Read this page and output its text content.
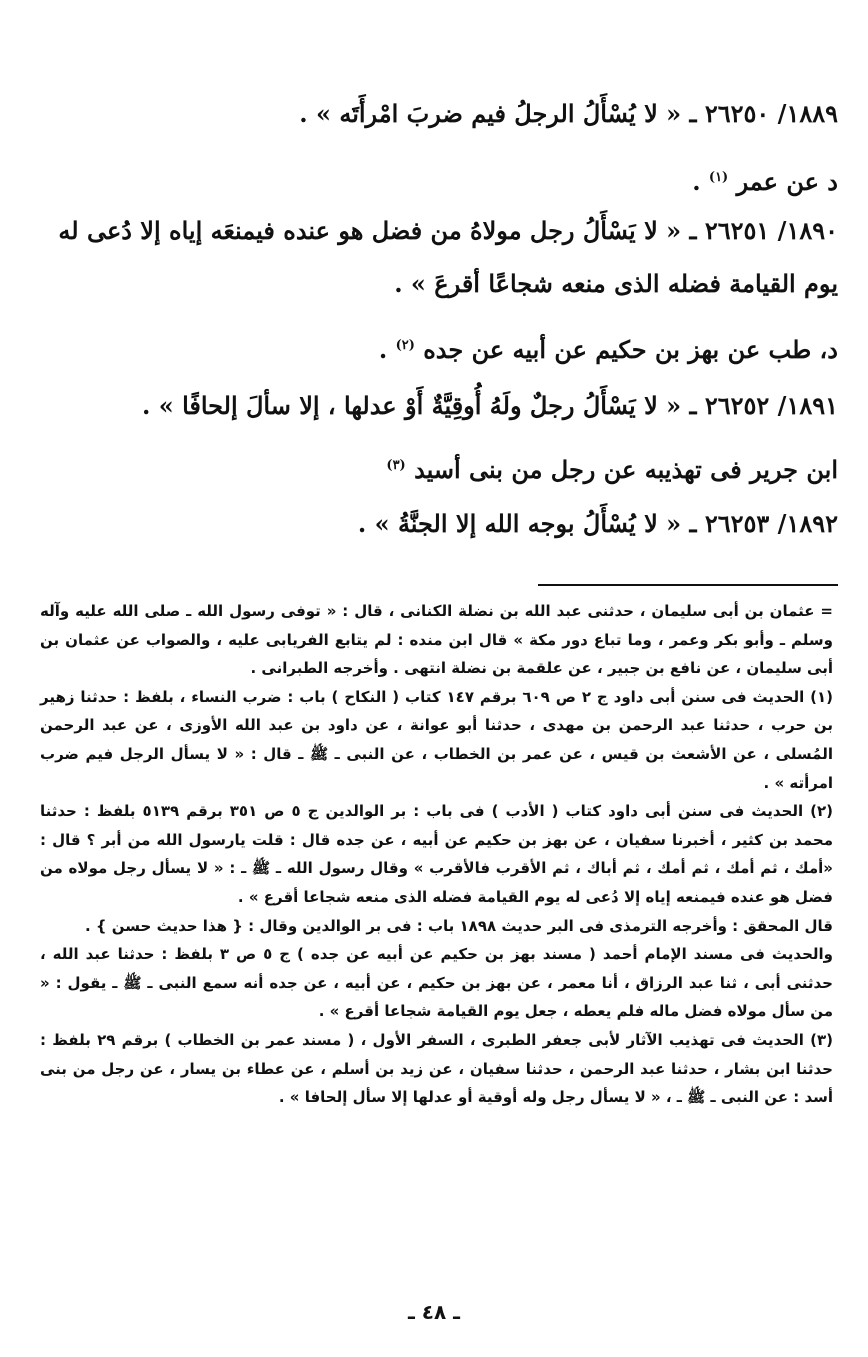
١٨٨٩/ ٢٦٢٥٠ ـ « لا يُسْأَلُ الرجلُ فيم ضربَ امْرأَتَه » .
د عن عمر $^{(١)}$ .
١٨٩٠/ ٢٦٢٥١ ـ « لا يَسْأَلُ رجل مولاهُ من فضل هو عنده فيمنعَه إياه إلا دُعى له
يوم القيامة فضله الذى منعه شجاعًا أقرعَ » .
د، طب عن بهز بن حكيم عن أبيه عن جده $^{(٢)}$ .
١٨٩١/ ٢٦٢٥٢ ـ « لا يَسْأَلُ رجلٌ ولَهُ أُوقِيَّةٌ أَوْ عدلها ، إلا سألَ إلحافًا » .
ابن جرير فى تهذيبه عن رجل من بنى أسيد $^{(٣)}$
١٨٩٢/ ٢٦٢٥٣ ـ « لا يُسْأَلُ بوجه الله إلا الجنَّةُ » .

= عثمان بن أبى سليمان ، حدثنى عبد الله بن نضلة الكنانى ، قال : « توفى رسول الله ـ صلى الله عليه وآله وسلم ـ وأبو بكر وعمر ، وما تباع دور مكة » قال ابن منده : لم يتابع الفريابى عليه ، والصواب عن عثمان بن أبى سليمان ، عن نافع بن جبير ، عن علقمة بن نضلة انتهى . وأخرجه الطبرانى .

(١) الحديث فى سنن أبى داود ج ٢ ص ٦٠٩ برقم ١٤٧ كتاب ( النكاح ) باب : ضرب النساء ، بلفظ : حدثنا زهير بن حرب ، حدثنا عبد الرحمن بن مهدى ، حدثنا أبو عوانة ، عن داود بن عبد الله الأوزى ، عن عبد الرحمن المُسلى ، عن الأشعث بن قيس ، عن عمر بن الخطاب ، عن النبى ـ ﷺ ـ قال : « لا يسأل الرجل فيم ضرب امرأته » .

(٢) الحديث فى سنن أبى داود كتاب ( الأدب ) فى باب : بر الوالدين ج ٥ ص ٣٥١ برقم ٥١٣٩ بلفظ : حدثنا محمد بن كثير ، أخبرنا سفيان ، عن بهز بن حكيم عن أبيه ، عن جده قال : قلت يارسول الله من أبر ؟ قال : «أمك ، ثم أمك ، ثم أمك ، ثم أباك ، ثم الأقرب فالأقرب » وقال رسول الله ـ ﷺ ـ : « لا يسأل رجل مولاه من فضل هو عنده فيمنعه إياه إلا دُعى له يوم القيامة فضله الذى منعه شجاعا أقرع » .

قال المحقق : وأخرجه الترمذى فى البر حديث ١٨٩٨ باب : فى بر الوالدين وقال : { هذا حديث حسن } .

والحديث فى مسند الإمام أحمد ( مسند بهز بن حكيم عن أبيه عن جده ) ج ٥ ص ٣ بلفظ : حدثنا عبد الله ، حدثنى أبى ، ثنا عبد الرزاق ، أنا معمر ، عن بهز بن حكيم ، عن أبيه ، عن جده أنه سمع النبى ـ ﷺ ـ يقول : « من سأل مولاه فضل ماله فلم يعطه ، جعل يوم القيامة شجاعا أقرع » .

(٣) الحديث فى تهذيب الآثار لأبى جعفر الطبرى ، السفر الأول ، ( مسند عمر بن الخطاب ) برقم ٢٩ بلفظ : حدثنا ابن بشار ، حدثنا عبد الرحمن ، حدثنا سفيان ، عن زيد بن أسلم ، عن عطاء بن يسار ، عن رجل من بنى أسد : عن النبى ـ ﷺ ـ ، « لا يسأل رجل وله أوقية أو عدلها إلا سأل إلحافا » .

ـ ٤٨ ـ
